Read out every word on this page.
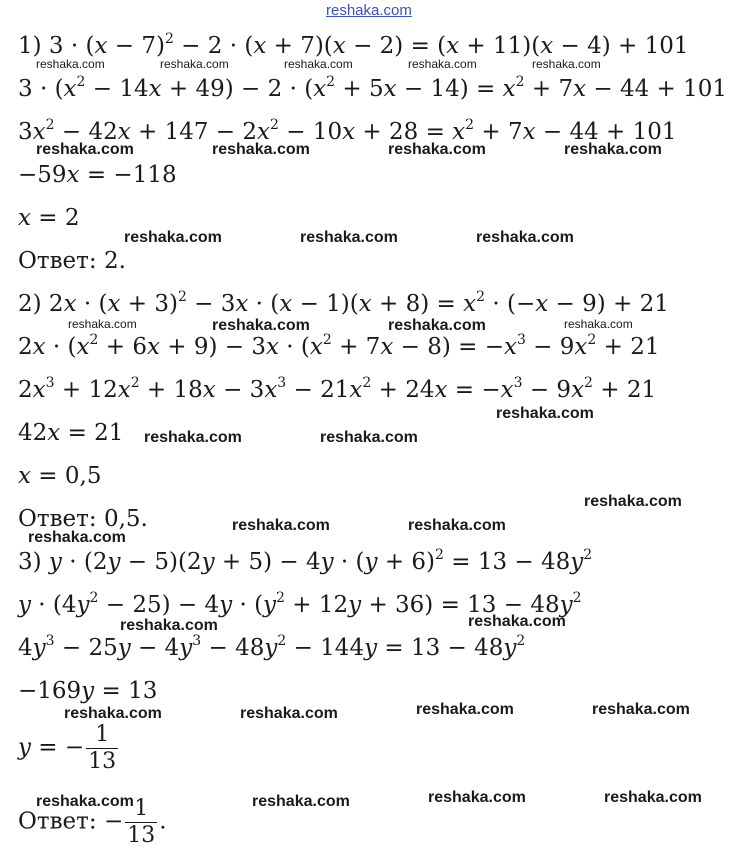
1) $3 \cdot (x - 7)^2 - 2 \cdot (x + 7)(x - 2) = (x + 11)(x - 4) + 101$
$3 \cdot (x^2 - 14x + 49) - 2 \cdot (x^2 + 5x - 14) = x^2 + 7x - 44 + 101$
$3x^2 - 42x + 147 - 2x^2 - 10x + 28 = x^2 + 7x - 44 + 101$
−59x = −118
x = 2
Ответ: 2.
2) $2x \cdot (x + 3)^2 - 3x \cdot (x - 1)(x + 8) = x^2 \cdot (-x - 9) + 21$
$2x \cdot (x^2 + 6x + 9) - 3x \cdot (x^2 + 7x - 8) = -x^3 - 9x^2 + 21$
$2x^3 + 12x^2 + 18x - 3x^3 - 21x^2 + 24x = -x^3 - 9x^2 + 21$
42x = 21
x = 0,5
Ответ: 0,5.
3) $y \cdot (2y - 5)(2y + 5) - 4y \cdot (y + 6)^2 = 13 - 48y^2$
$y \cdot (4y^2 - 25) - 4y \cdot (y^2 + 12y + 36) = 13 - 48y^2$
$4y^3 - 25y - 4y^3 - 48y^2 - 144y = 13 - 48y^2$
−169y = 13
y = − $\frac{1}{13}$
Ответ: − $\frac{1}{13}$ .
reshaka.com
reshaka.com	reshaka.com	reshaka.com	reshaka.com	reshaka.com
reshaka.com	reshaka.com	reshaka.com	reshaka.com
reshaka.com	reshaka.com	reshaka.com
reshaka.com	reshaka.com	reshaka.com	reshaka.com
reshaka.com
reshaka.com	reshaka.com
reshaka.com
reshaka.com	reshaka.com
reshaka.com
reshaka.com	reshaka.com
reshaka.com	reshaka.com	reshaka.com	reshaka.com
reshaka.com	reshaka.com	reshaka.com	reshaka.com
